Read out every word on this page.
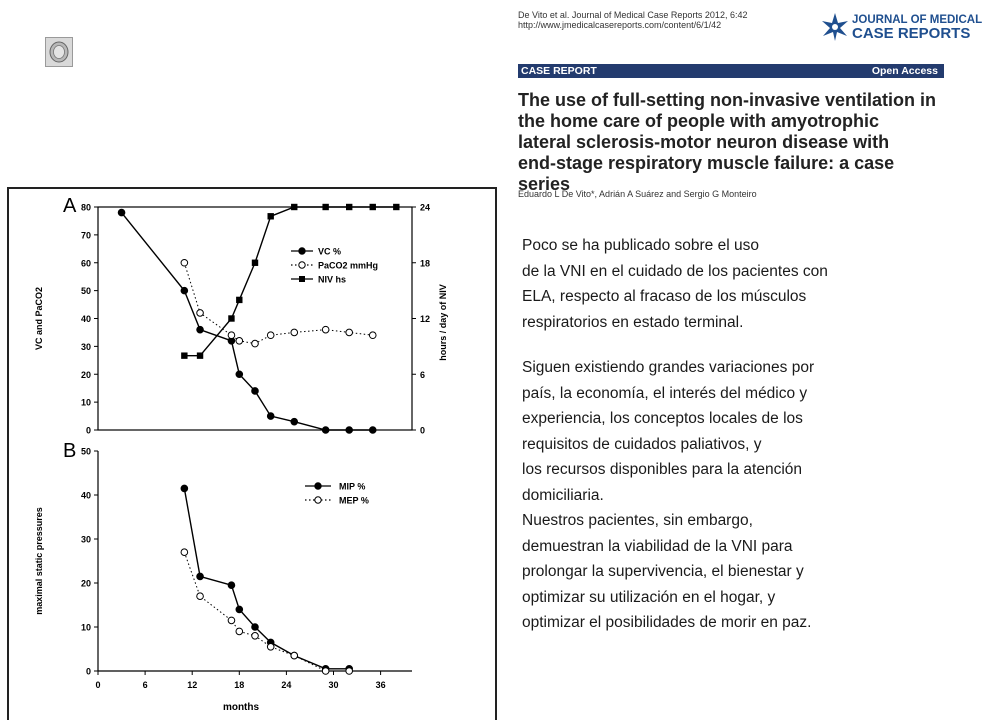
De Vito et al. Journal of Medical Case Reports 2012, 6:42
http://www.jmedicalcasereports.com/content/6/1/42	JOURNAL OF MEDICAL
CASE REPORTS
CASE REPORT	Open Access
The use of full-setting non-invasive ventilation in
the home care of people with amyotrophic
lateral sclerosis-motor neuron disease with
end-stage respiratory muscle failure: a case series
Eduardo L De Vito*, Adrián A Suárez and Sergio G Monteiro
A
0
10
20
30
40
50
60
70
80
0
6
12
18
24
VC and PaCO2	hours / day of NIV
VC %
PaCO2 mmHg
NIV hs
B
0
10
20
30
40
50
0	6	12	18	24	30	36
maximal static pressures
months
MIP %
MEP %
Poco se ha publicado sobre el uso
de la VNI en el cuidado de los pacientes con
ELA, respecto al fracaso de los músculos
respiratorios en estado terminal.
Siguen existiendo grandes variaciones por
país, la economía, el interés del médico y
experiencia, los conceptos locales de los
requisitos de cuidados paliativos, y
los recursos disponibles para la atención
domiciliaria.
Nuestros pacientes, sin embargo,
demuestran la viabilidad de la VNI para
prolongar la supervivencia, el bienestar y
optimizar su utilización en el hogar, y
optimizar el posibilidades de morir en paz.
